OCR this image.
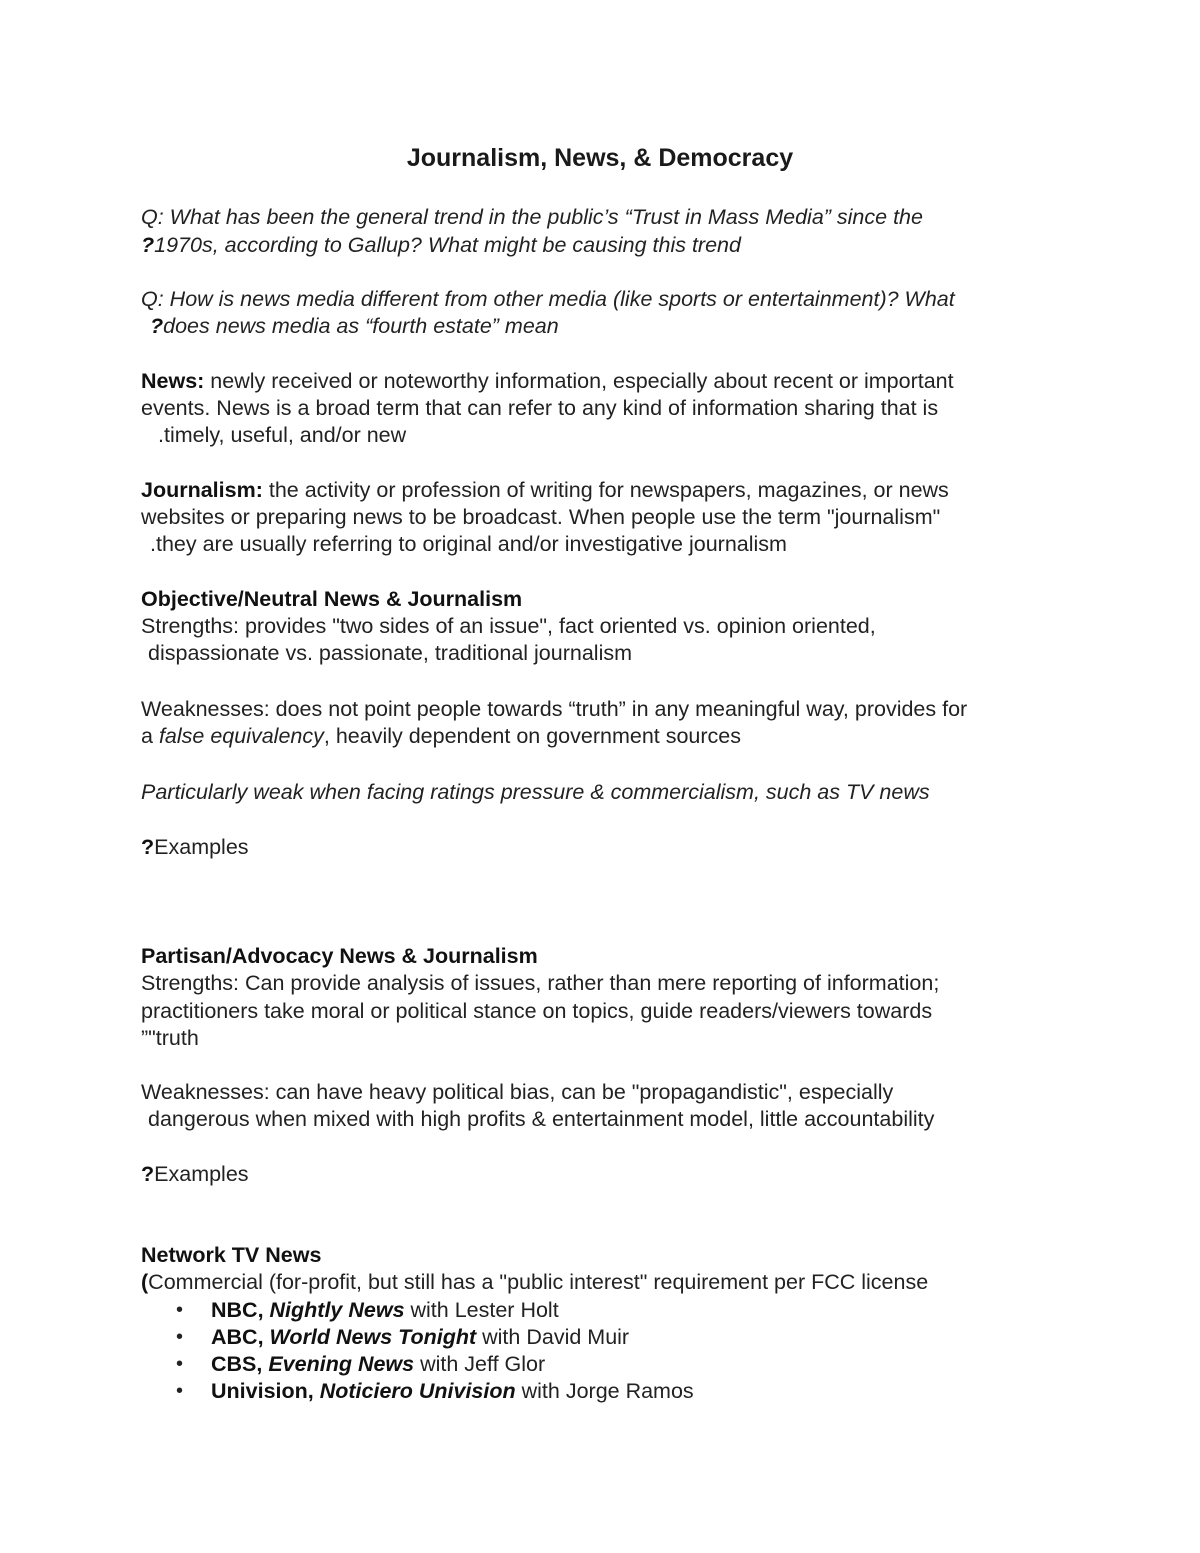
Journalism, News, & Democracy
Q: What has been the general trend in the public’s “Trust in Mass Media” since the
?1970s, according to Gallup? What might be causing this trend
Q: How is news media different from other media (like sports or entertainment)? What
?does news media as “fourth estate” mean
News: newly received or noteworthy information, especially about recent or important
events. News is a broad term that can refer to any kind of information sharing that is
.timely, useful, and/or new
Journalism: the activity or profession of writing for newspapers, magazines, or news
websites or preparing news to be broadcast. When people use the term "journalism"
.they are usually referring to original and/or investigative journalism
Objective/Neutral News & Journalism
Strengths: provides "two sides of an issue", fact oriented vs. opinion oriented,
dispassionate vs. passionate, traditional journalism
Weaknesses: does not point people towards “truth” in any meaningful way, provides for
a false equivalency, heavily dependent on government sources
Particularly weak when facing ratings pressure & commercialism, such as TV news
?Examples
Partisan/Advocacy News & Journalism
Strengths: Can provide analysis of issues, rather than mere reporting of information;
practitioners take moral or political stance on topics, guide readers/viewers towards
”"truth
Weaknesses: can have heavy political bias, can be "propagandistic", especially
dangerous when mixed with high profits & entertainment model, little accountability
?Examples
Network TV News
(Commercial (for-profit, but still has a "public interest" requirement per FCC license
• NBC, Nightly News with Lester Holt
• ABC, World News Tonight with David Muir
• CBS, Evening News with Jeff Glor
• Univision, Noticiero Univision with Jorge Ramos
